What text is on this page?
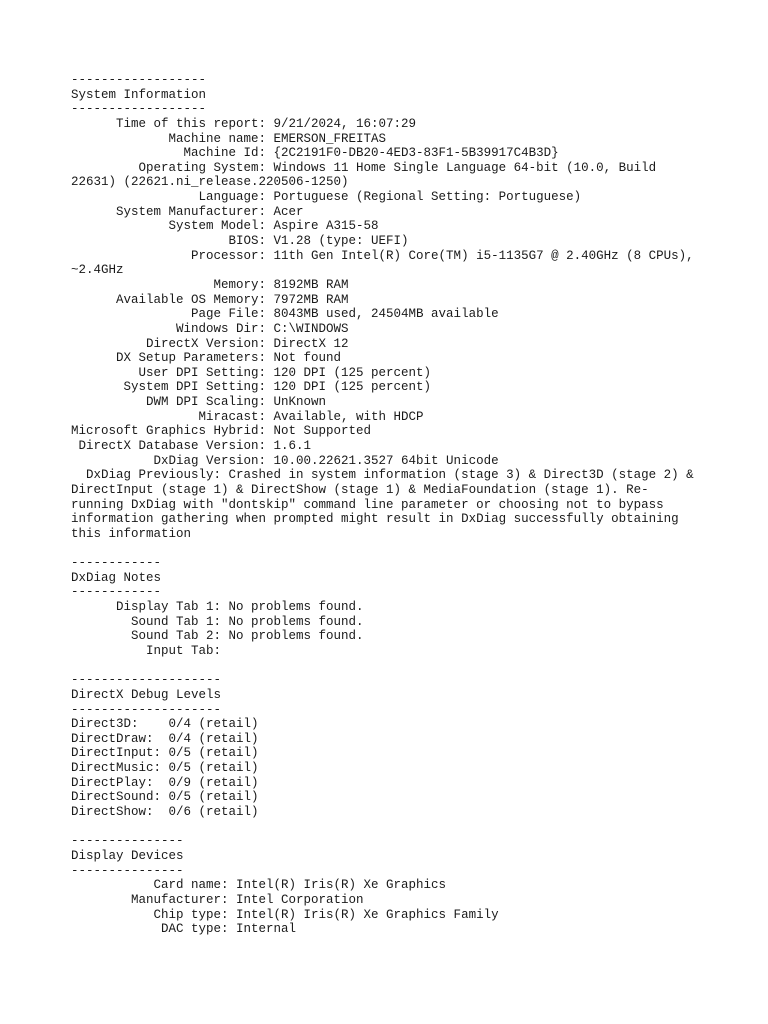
------------------
System Information
------------------
Time of this report: 9/21/2024, 16:07:29
Machine name: EMERSON_FREITAS
Machine Id: {2C2191F0-DB20-4ED3-83F1-5B39917C4B3D}
Operating System: Windows 11 Home Single Language 64-bit (10.0, Build
22631) (22621.ni_release.220506-1250)
Language: Portuguese (Regional Setting: Portuguese)
System Manufacturer: Acer
System Model: Aspire A315-58
BIOS: V1.28 (type: UEFI)
Processor: 11th Gen Intel(R) Core(TM) i5-1135G7 @ 2.40GHz (8 CPUs),
~2.4GHz
Memory: 8192MB RAM
Available OS Memory: 7972MB RAM
Page File: 8043MB used, 24504MB available
Windows Dir: C:\WINDOWS
DirectX Version: DirectX 12
DX Setup Parameters: Not found
User DPI Setting: 120 DPI (125 percent)
System DPI Setting: 120 DPI (125 percent)
DWM DPI Scaling: UnKnown
Miracast: Available, with HDCP
Microsoft Graphics Hybrid: Not Supported
DirectX Database Version: 1.6.1
DxDiag Version: 10.00.22621.3527 64bit Unicode
DxDiag Previously: Crashed in system information (stage 3) & Direct3D (stage 2) &
DirectInput (stage 1) & DirectShow (stage 1) & MediaFoundation (stage 1). Re-
running DxDiag with "dontskip" command line parameter or choosing not to bypass
information gathering when prompted might result in DxDiag successfully obtaining
this information

------------
DxDiag Notes
------------
Display Tab 1: No problems found.
Sound Tab 1: No problems found.
Sound Tab 2: No problems found.
Input Tab:

--------------------
DirectX Debug Levels
--------------------
Direct3D:    0/4 (retail)
DirectDraw:  0/4 (retail)
DirectInput: 0/5 (retail)
DirectMusic: 0/5 (retail)
DirectPlay:  0/9 (retail)
DirectSound: 0/5 (retail)
DirectShow:  0/6 (retail)

---------------
Display Devices
---------------
Card name: Intel(R) Iris(R) Xe Graphics
Manufacturer: Intel Corporation
Chip type: Intel(R) Iris(R) Xe Graphics Family
DAC type: Internal
